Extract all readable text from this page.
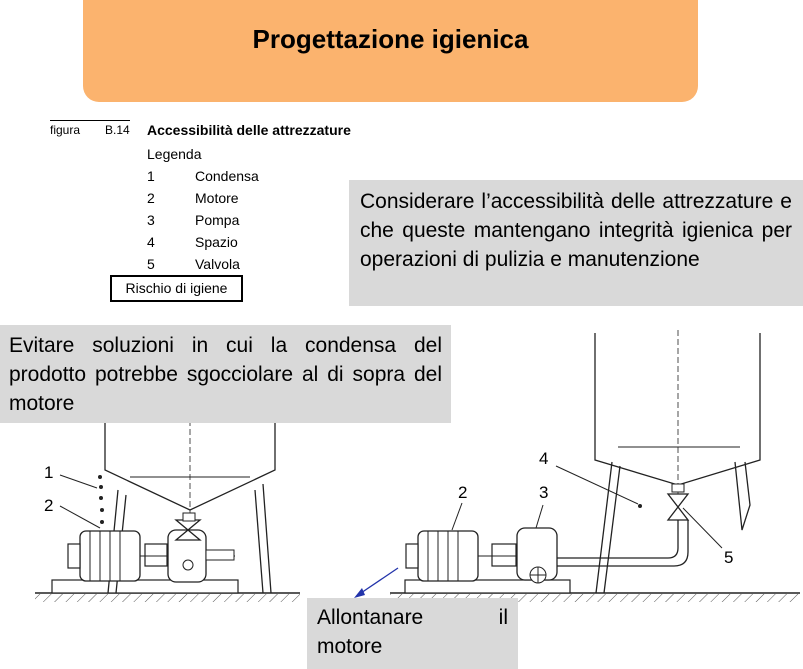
Progettazione igienica
figura B.14 Accessibilità delle attrezzature
Legenda
1	Condensa
2	Motore
3	Pompa
4	Spazio
5	Valvola
Rischio di igiene
1
2
2	3
4
5

Considerare l’accessibilità delle attrezzature e che queste mantengano integrità igienica per operazioni di pulizia e manutenzione

Evitare soluzioni in cui la condensa del prodotto potrebbe sgocciolare al di sopra del motore

Allontanare	il
motore
